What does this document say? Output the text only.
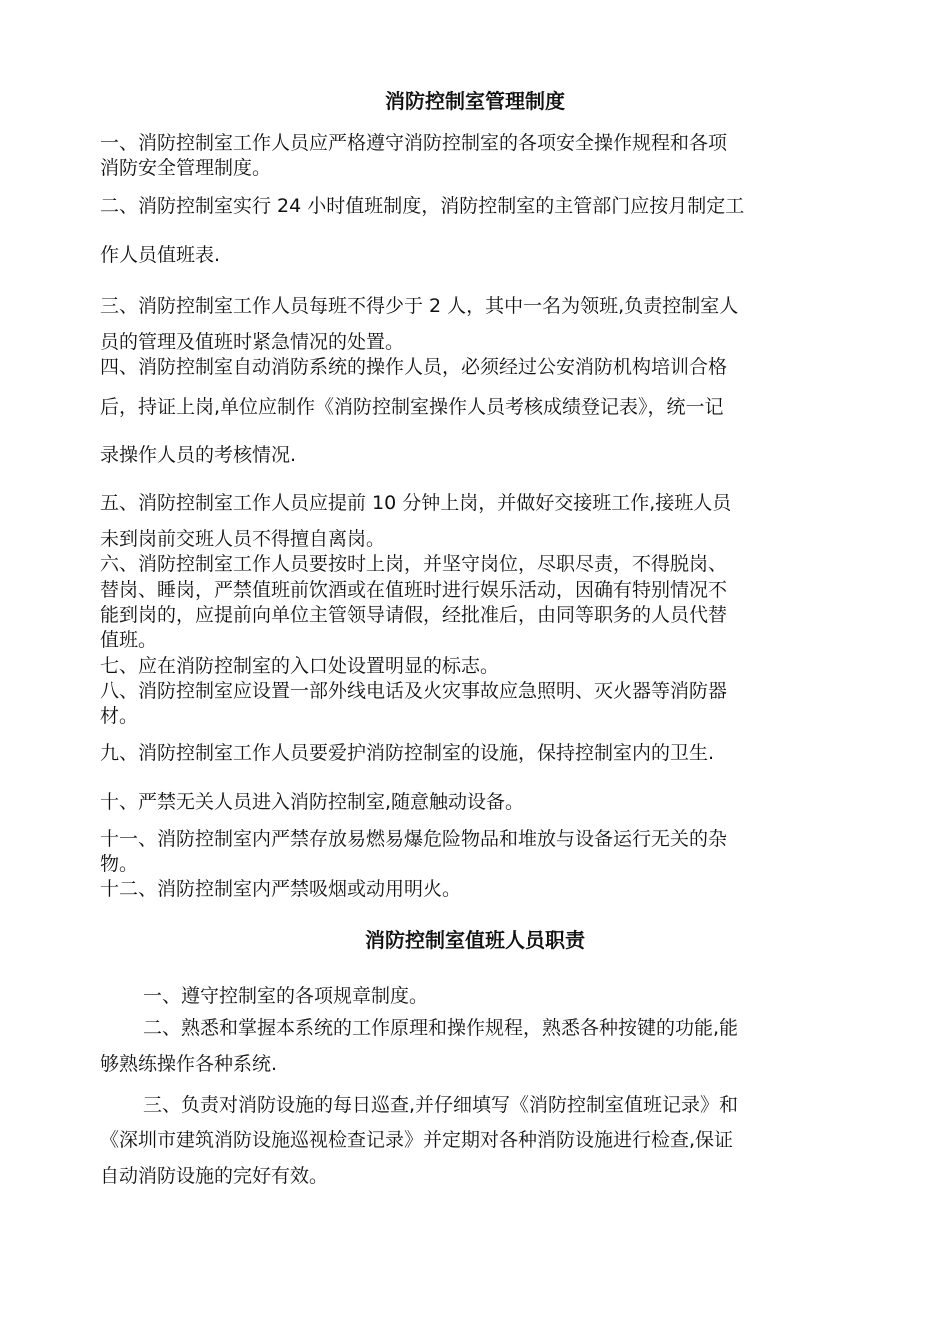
消防控制室管理制度
一、消防控制室工作人员应严格遵守消防控制室的各项安全操作规程和各项
消防安全管理制度。
二、消防控制室实行 24 小时值班制度，消防控制室的主管部门应按月制定工
作人员值班表.
三、消防控制室工作人员每班不得少于 2 人，其中一名为领班,负责控制室人
员的管理及值班时紧急情况的处置。
四、消防控制室自动消防系统的操作人员，必须经过公安消防机构培训合格
后，持证上岗,单位应制作《消防控制室操作人员考核成绩登记表》，统一记
录操作人员的考核情况.
五、消防控制室工作人员应提前 10 分钟上岗，并做好交接班工作,接班人员
未到岗前交班人员不得擅自离岗。
六、消防控制室工作人员要按时上岗，并坚守岗位，尽职尽责，不得脱岗、
替岗、睡岗，严禁值班前饮酒或在值班时进行娱乐活动，因确有特别情况不
能到岗的，应提前向单位主管领导请假，经批准后，由同等职务的人员代替
值班。
七、应在消防控制室的入口处设置明显的标志。
八、消防控制室应设置一部外线电话及火灾事故应急照明、灭火器等消防器
材。
九、消防控制室工作人员要爱护消防控制室的设施，保持控制室内的卫生.
十、严禁无关人员进入消防控制室,随意触动设备。
十一、消防控制室内严禁存放易燃易爆危险物品和堆放与设备运行无关的杂
物。
十二、消防控制室内严禁吸烟或动用明火。
消防控制室值班人员职责
一、遵守控制室的各项规章制度。
二、熟悉和掌握本系统的工作原理和操作规程，熟悉各种按键的功能,能
够熟练操作各种系统.
三、负责对消防设施的每日巡查,并仔细填写《消防控制室值班记录》和
《深圳市建筑消防设施巡视检查记录》并定期对各种消防设施进行检查,保证
自动消防设施的完好有效。
